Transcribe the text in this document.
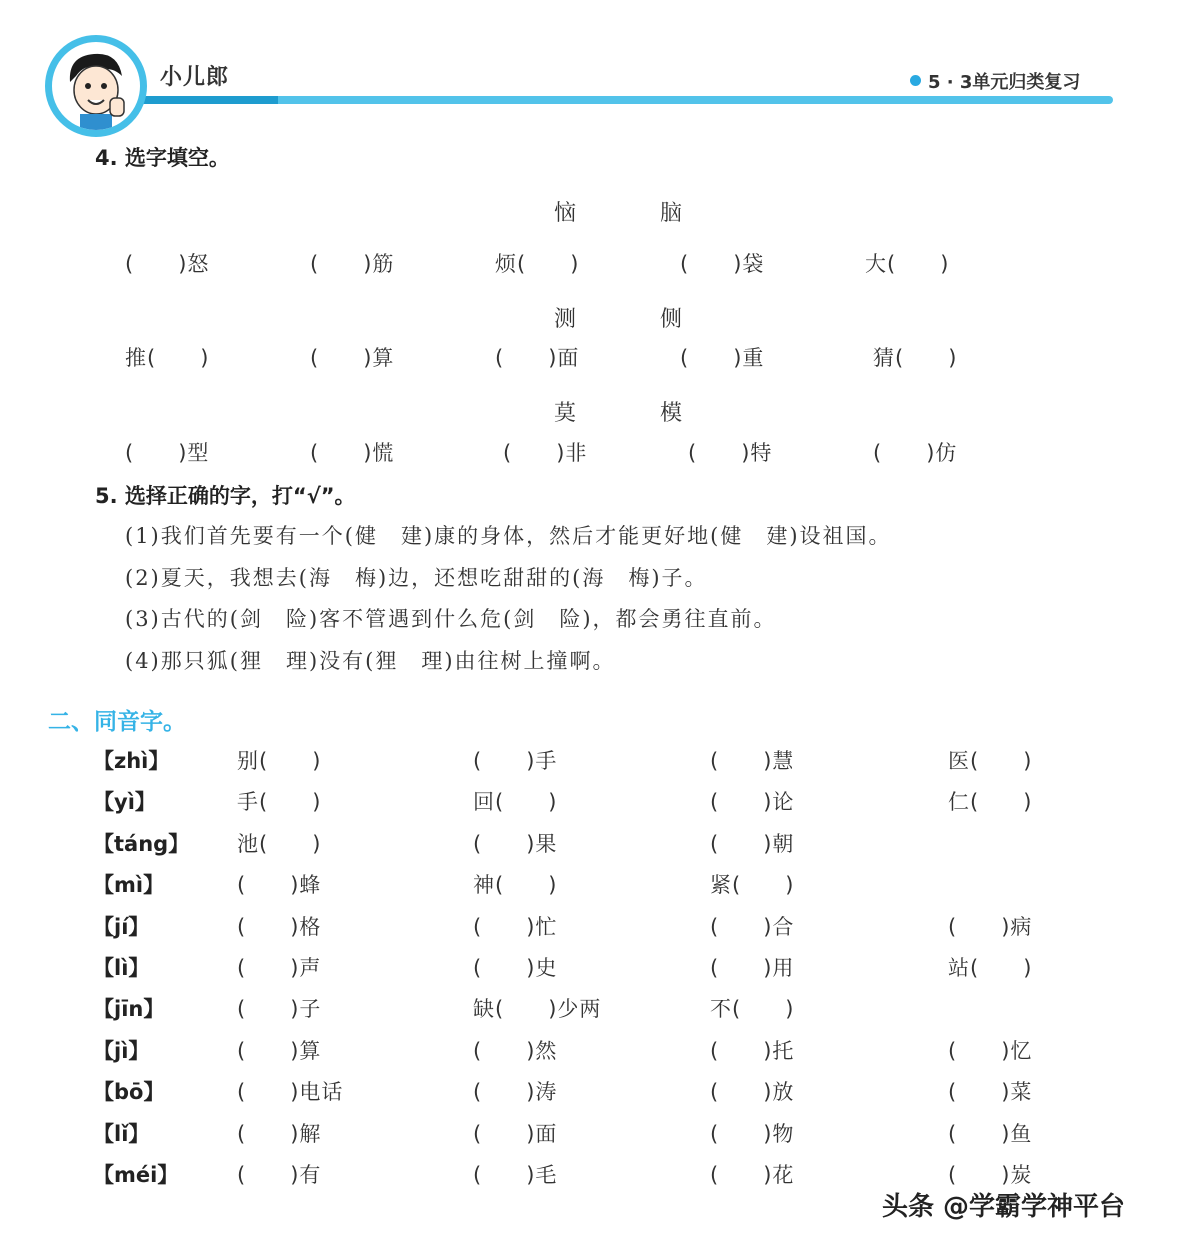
小儿郎	5 · 3单元归类复习
4. 选字填空。
恼	脑
(　　)怒	(　　)筋	烦(　　)	(　　)袋	大(　　)
测	侧
推(　　)	(　　)算	(　　)面	(　　)重	猜(　　)
莫	模
(　　)型	(　　)慌	(　　)非	(　　)特	(　　)仿
5. 选择正确的字，打“√”。
(1)我们首先要有一个(健　建)康的身体，然后才能更好地(健　建)设祖国。
(2)夏天，我想去(海　梅)边，还想吃甜甜的(海　梅)子。
(3)古代的(剑　险)客不管遇到什么危(剑　险)，都会勇往直前。
(4)那只狐(狸　理)没有(狸　理)由往树上撞啊。
二、同音字。
【zhì】	别(　　)	(　　)手	(　　)慧	医(　　)
【yì】	手(　　)	回(　　)	(　　)论	仁(　　)
【táng】 池(　　)	(　　)果	(　　)朝
【mì】	(　　)蜂	神(　　)	紧(　　)
【jí】	(　　)格	(　　)忙	(　　)合	(　　)病
【lì】	(　　)声	(　　)史	(　　)用	站(　　)
【jīn】	(　　)子	缺(　　)少两	不(　　)
【jì】	(　　)算	(　　)然	(　　)托	(　　)忆
【bō】	(　　)电话	(　　)涛	(　　)放	(　　)菜
【lǐ】	(　　)解	(　　)面	(　　)物	(　　)鱼
【méi】	(　　)有	(　　)毛	(　　)花	(　　)炭
头条 @学霸学神平台
